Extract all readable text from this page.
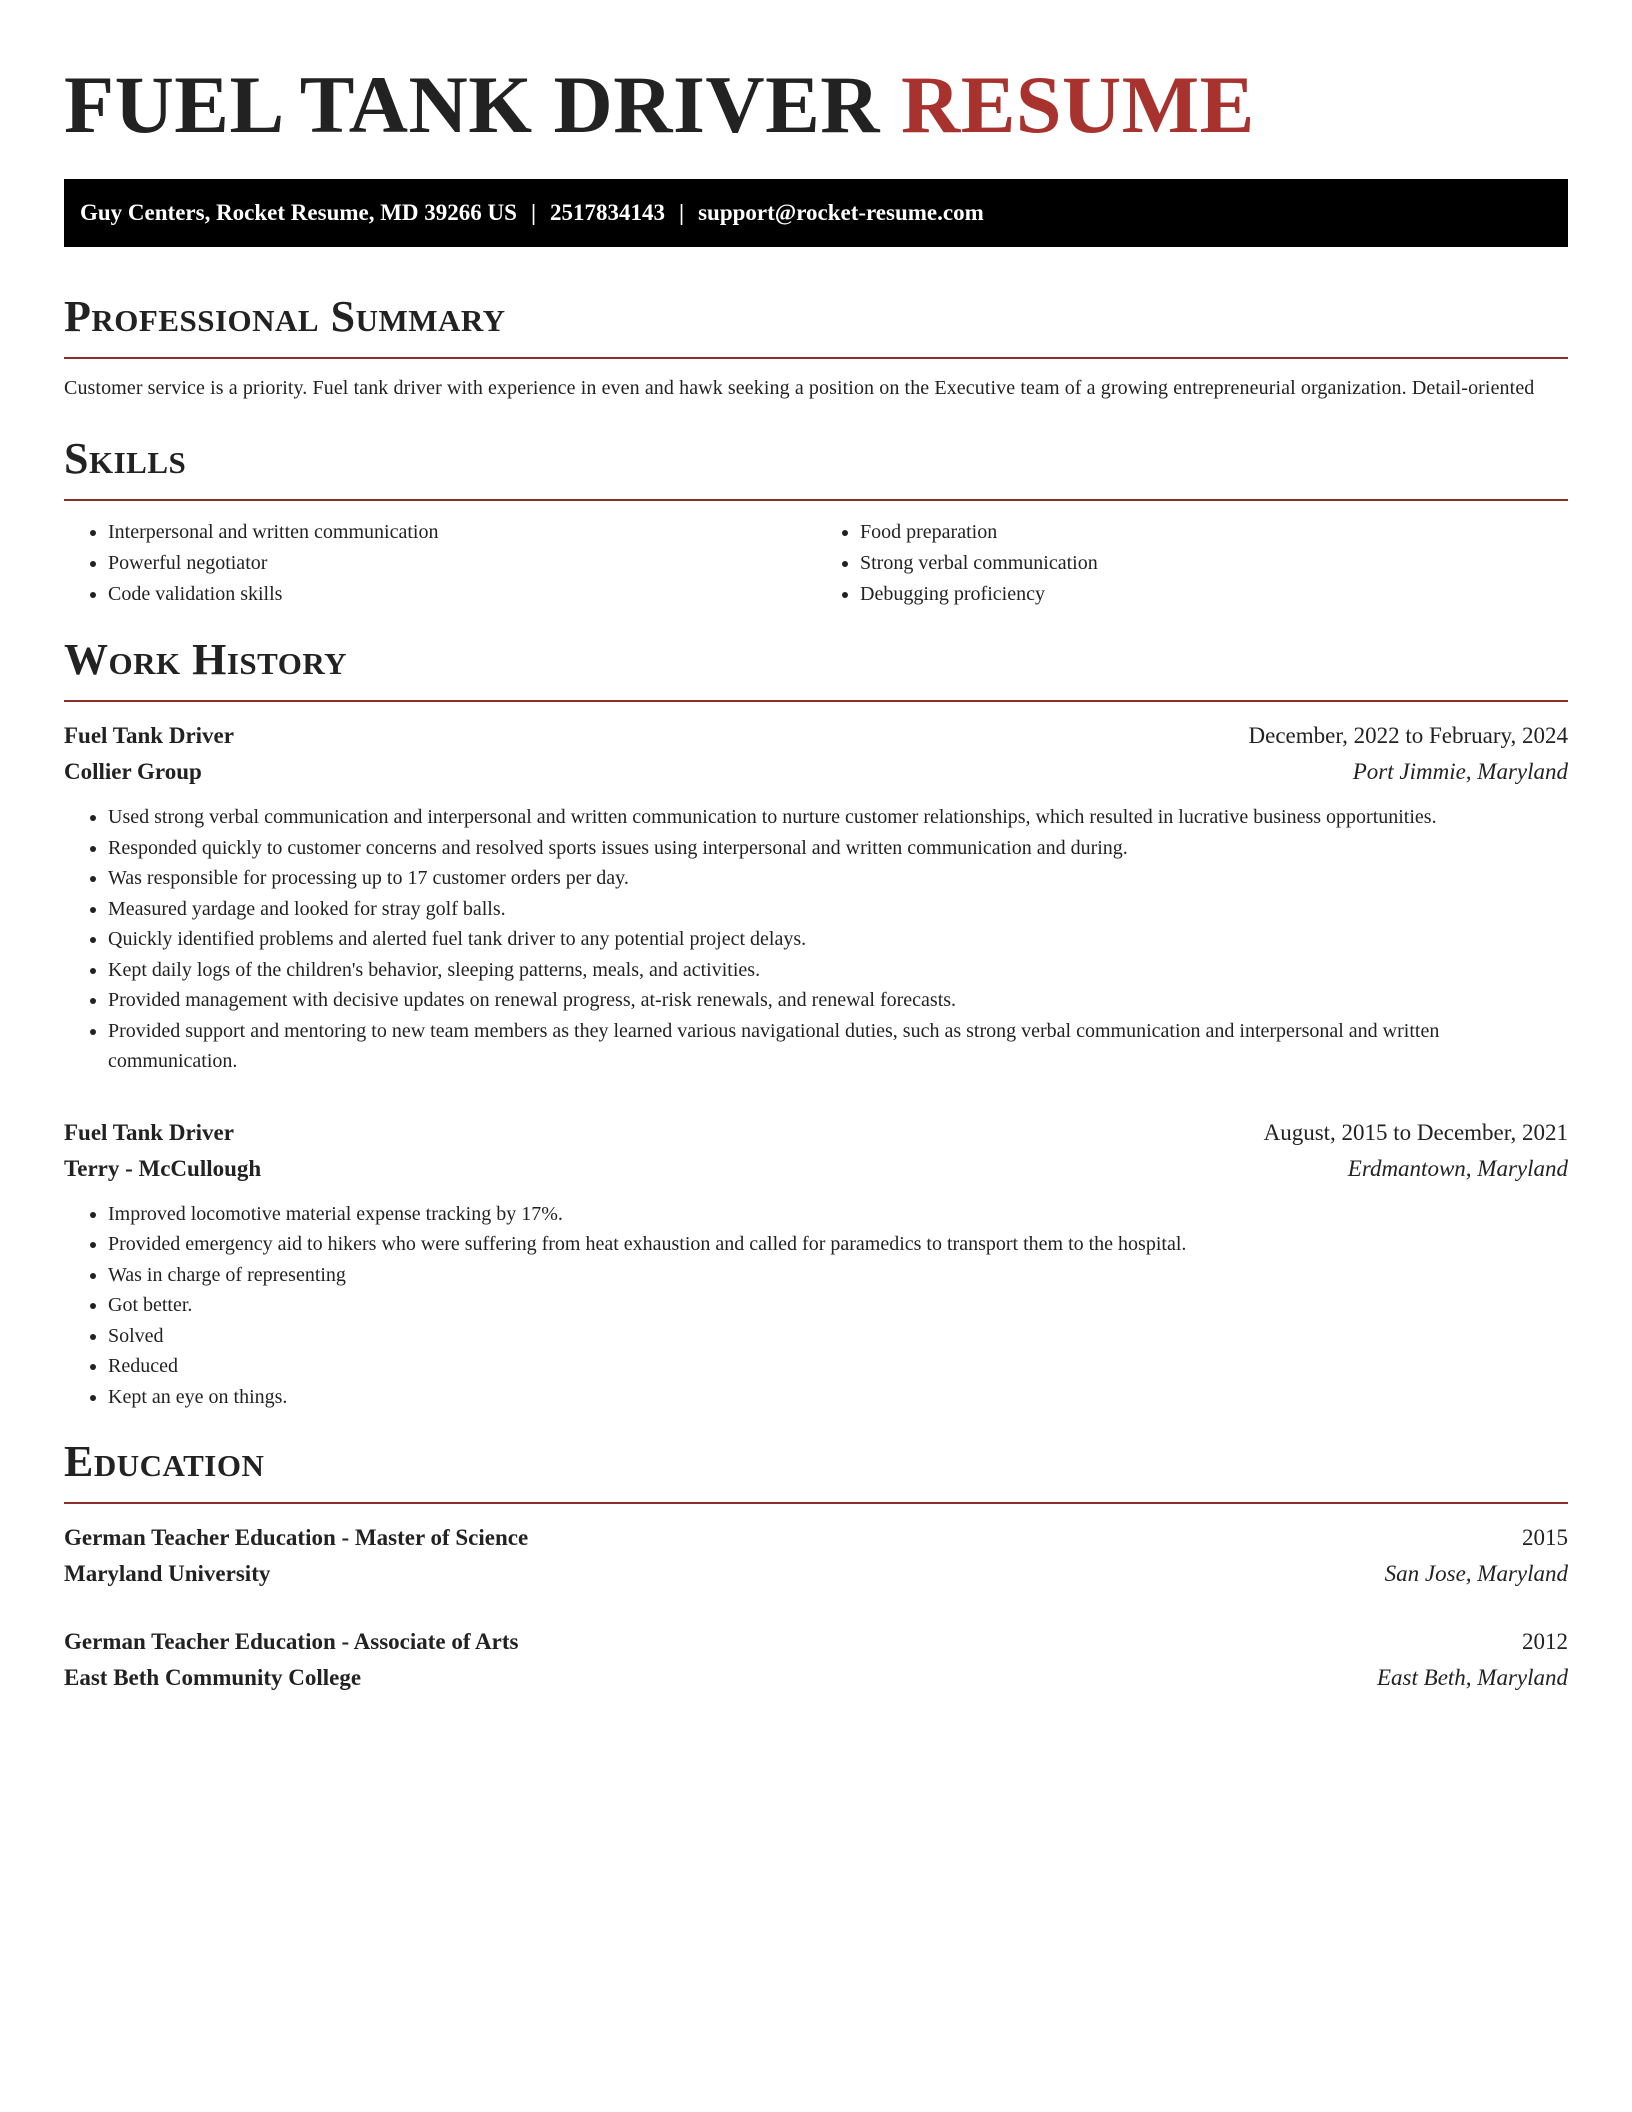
FUEL TANK DRIVER RESUME
Guy Centers, Rocket Resume, MD 39266 US | 2517834143 | support@rocket-resume.com
Professional Summary

Customer service is a priority. Fuel tank driver with experience in even and hawk seeking a position on the Executive team of a growing entrepreneurial organization. Detail-oriented

Skills
• Interpersonal and written communication
• Powerful negotiator
• Code validation skills
• Food preparation
• Strong verbal communication
• Debugging proficiency
Work History
Fuel Tank Driver	December, 2022 to February, 2024
Collier Group	Port Jimmie, Maryland
• Used strong verbal communication and interpersonal and written communication to nurture customer relationships, which resulted in lucrative business opportunities.
• Responded quickly to customer concerns and resolved sports issues using interpersonal and written communication and during.
• Was responsible for processing up to 17 customer orders per day.
• Measured yardage and looked for stray golf balls.
• Quickly identified problems and alerted fuel tank driver to any potential project delays.
• Kept daily logs of the children's behavior, sleeping patterns, meals, and activities.
• Provided management with decisive updates on renewal progress, at-risk renewals, and renewal forecasts.
• Provided support and mentoring to new team members as they learned various navigational duties, such as strong verbal communication and interpersonal and written communication.
Fuel Tank Driver	August, 2015 to December, 2021
Terry - McCullough	Erdmantown, Maryland
• Improved locomotive material expense tracking by 17%.
• Provided emergency aid to hikers who were suffering from heat exhaustion and called for paramedics to transport them to the hospital.
• Was in charge of representing
• Got better.
• Solved
• Reduced
• Kept an eye on things.
Education
German Teacher Education - Master of Science	2015
Maryland University	San Jose, Maryland
German Teacher Education - Associate of Arts	2012
East Beth Community College	East Beth, Maryland
